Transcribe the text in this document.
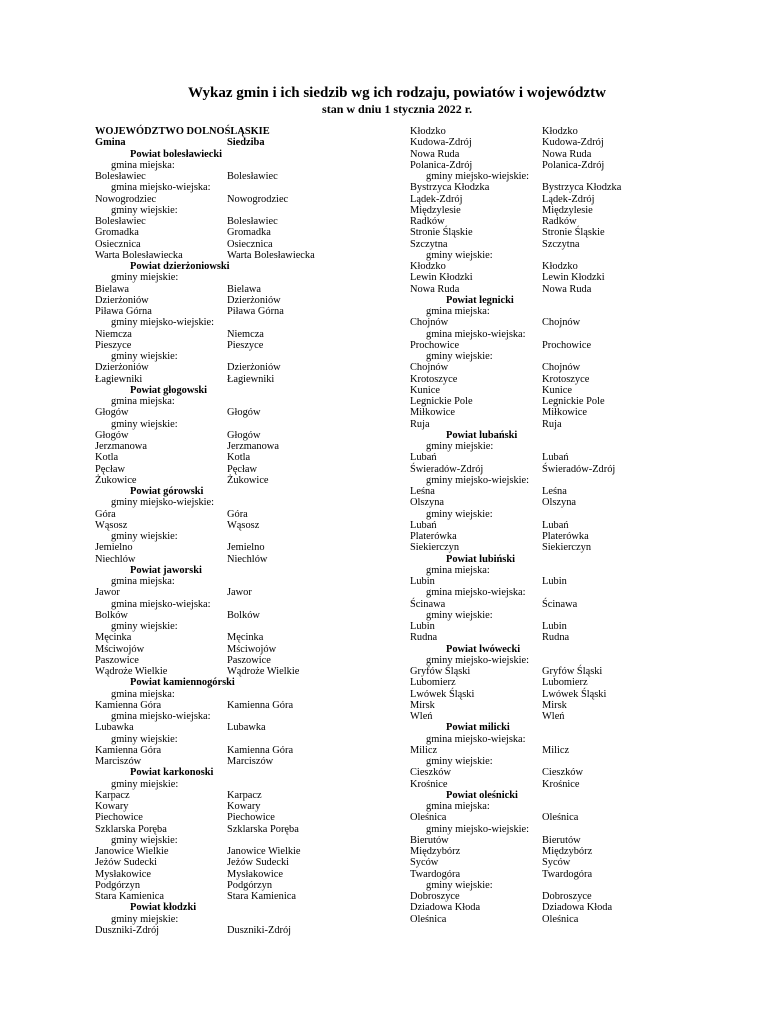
Wykaz gmin i ich siedzib wg ich rodzaju, powiatów i województw
stan w dniu 1 stycznia 2022 r.
WOJEWÓDZTWO DOLNOŚLĄSKIE
Gmina	Siedziba
Powiat bolesławiecki
gmina miejska:
Bolesławiec	Bolesławiec
gmina miejsko-wiejska:
Nowogrodziec	Nowogrodziec
gminy wiejskie:
Bolesławiec	Bolesławiec
Gromadka	Gromadka
Osiecznica	Osiecznica
Warta Bolesławiecka	Warta Bolesławiecka
Powiat dzierżoniowski
gminy miejskie:
Bielawa	Bielawa
Dzierżoniów	Dzierżoniów
Piława Górna	Piława Górna
gminy miejsko-wiejskie:
Niemcza	Niemcza
Pieszyce	Pieszyce
gminy wiejskie:
Dzierżoniów	Dzierżoniów
Łagiewniki	Łagiewniki
Powiat głogowski
gmina miejska:
Głogów	Głogów
gminy wiejskie:
Głogów	Głogów
Jerzmanowa	Jerzmanowa
Kotla	Kotla
Pęcław	Pęcław
Żukowice	Żukowice
Powiat górowski
gminy miejsko-wiejskie:
Góra	Góra
Wąsosz	Wąsosz
gminy wiejskie:
Jemielno	Jemielno
Niechlów	Niechlów
Powiat jaworski
gmina miejska:
Jawor	Jawor
gmina miejsko-wiejska:
Bolków	Bolków
gminy wiejskie:
Męcinka	Męcinka
Mściwojów	Mściwojów
Paszowice	Paszowice
Wądroże Wielkie	Wądroże Wielkie
Powiat kamiennogórski
gmina miejska:
Kamienna Góra	Kamienna Góra
gmina miejsko-wiejska:
Lubawka	Lubawka
gminy wiejskie:
Kamienna Góra	Kamienna Góra
Marciszów	Marciszów
Powiat karkonoski
gminy miejskie:
Karpacz	Karpacz
Kowary	Kowary
Piechowice	Piechowice
Szklarska Poręba	Szklarska Poręba
gminy wiejskie:
Janowice Wielkie	Janowice Wielkie
Jeżów Sudecki	Jeżów Sudecki
Mysłakowice	Mysłakowice
Podgórzyn	Podgórzyn
Stara Kamienica	Stara Kamienica
Powiat kłodzki
gminy miejskie:
Duszniki-Zdrój	Duszniki-Zdrój
Kłodzko	Kłodzko
Kudowa-Zdrój	Kudowa-Zdrój
Nowa Ruda	Nowa Ruda
Polanica-Zdrój	Polanica-Zdrój
gminy miejsko-wiejskie:
Bystrzyca Kłodzka	Bystrzyca Kłodzka
Lądek-Zdrój	Lądek-Zdrój
Międzylesie	Międzylesie
Radków	Radków
Stronie Śląskie	Stronie Śląskie
Szczytna	Szczytna
gminy wiejskie:
Kłodzko	Kłodzko
Lewin Kłodzki	Lewin Kłodzki
Nowa Ruda	Nowa Ruda
Powiat legnicki
gmina miejska:
Chojnów	Chojnów
gmina miejsko-wiejska:
Prochowice	Prochowice
gminy wiejskie:
Chojnów	Chojnów
Krotoszyce	Krotoszyce
Kunice	Kunice
Legnickie Pole	Legnickie Pole
Miłkowice	Miłkowice
Ruja	Ruja
Powiat lubański
gminy miejskie:
Lubań	Lubań
Świeradów-Zdrój	Świeradów-Zdrój
gminy miejsko-wiejskie:
Leśna	Leśna
Olszyna	Olszyna
gminy wiejskie:
Lubań	Lubań
Platerówka	Platerówka
Siekierczyn	Siekierczyn
Powiat lubiński
gmina miejska:
Lubin	Lubin
gmina miejsko-wiejska:
Ścinawa	Ścinawa
gminy wiejskie:
Lubin	Lubin
Rudna	Rudna
Powiat lwówecki
gminy miejsko-wiejskie:
Gryfów Śląski	Gryfów Śląski
Lubomierz	Lubomierz
Lwówek Śląski	Lwówek Śląski
Mirsk	Mirsk
Wleń	Wleń
Powiat milicki
gmina miejsko-wiejska:
Milicz	Milicz
gminy wiejskie:
Cieszków	Cieszków
Krośnice	Krośnice
Powiat oleśnicki
gmina miejska:
Oleśnica	Oleśnica
gminy miejsko-wiejskie:
Bierutów	Bierutów
Międzybórz	Międzybórz
Syców	Syców
Twardogóra	Twardogóra
gminy wiejskie:
Dobroszyce	Dobroszyce
Dziadowa Kłoda	Dziadowa Kłoda
Oleśnica	Oleśnica
